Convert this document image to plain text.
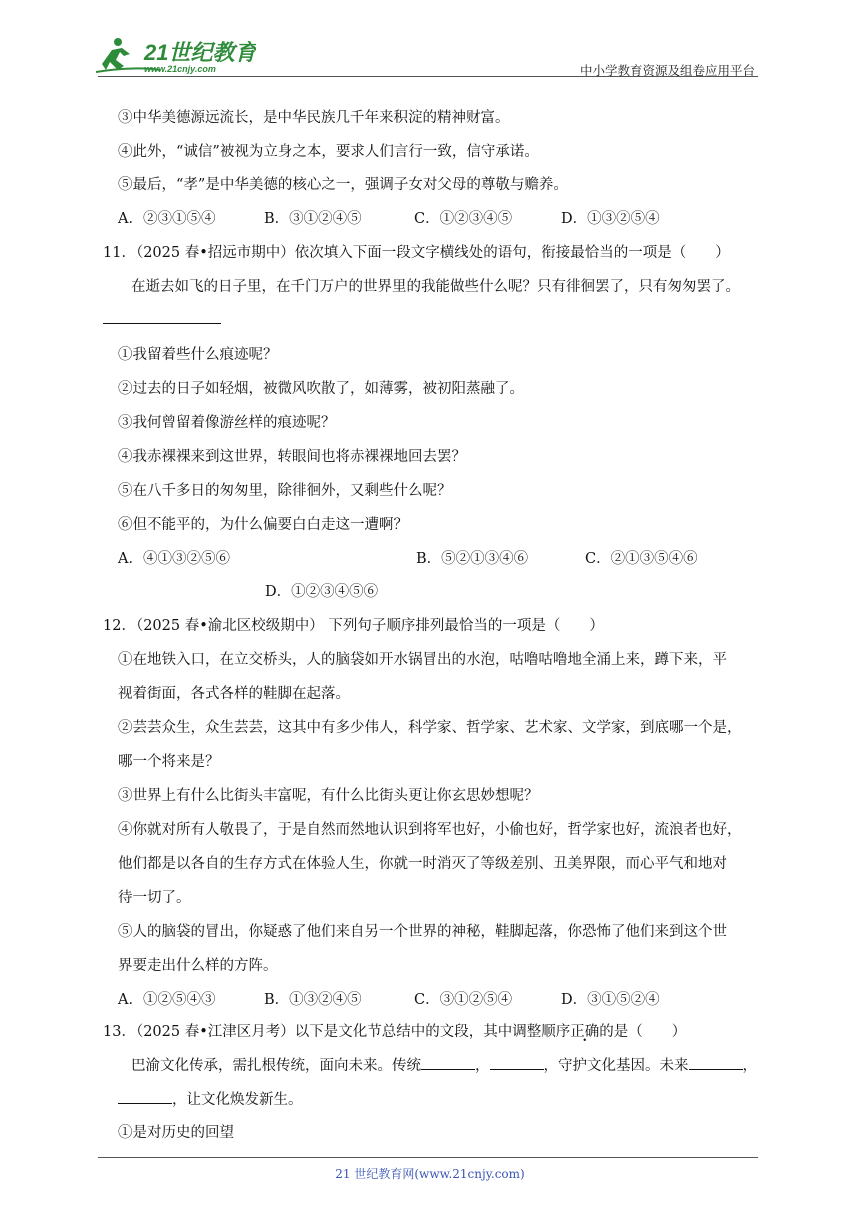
21世纪教育
www.21cnjy.com	中小学教育资源及组卷应用平台
③中华美德源远流长，是中华民族几千年来积淀的精神财富。
④此外，“诚信”被视为立身之本，要求人们言行一致，信守承诺。
⑤最后，“孝”是中华美德的核心之一，强调子女对父母的尊敬与赡养。
A．②③①⑤④	B．③①②④⑤	C．①②③④⑤	D．①③②⑤④
11．（2025 春•招远市期中）依次填入下面一段文字横线处的语句，衔接最恰当的一项是（　　）
在逝去如飞的日子里，在千门万户的世界里的我能做些什么呢？只有徘徊罢了，只有匆匆罢了。
①我留着些什么痕迹呢？
②过去的日子如轻烟，被微风吹散了，如薄雾，被初阳蒸融了。
③我何曾留着像游丝样的痕迹呢？
④我赤裸裸来到这世界，转眼间也将赤裸裸地回去罢？
⑤在八千多日的匆匆里，除徘徊外，又剩些什么呢？
⑥但不能平的，为什么偏要白白走这一遭啊？
A．④①③②⑤⑥	B．⑤②①③④⑥	C．②①③⑤④⑥
D．①②③④⑤⑥
12．（2025 春•渝北区校级期中） 下列句子顺序排列最恰当的一项是（　　）
①在地铁入口，在立交桥头，人的脑袋如开水锅冒出的水泡，咕噜咕噜地全涌上来，蹲下来，平
视着街面，各式各样的鞋脚在起落。
②芸芸众生，众生芸芸，这其中有多少伟人，科学家、哲学家、艺术家、文学家，到底哪一个是，
哪一个将来是？
③世界上有什么比街头丰富呢，有什么比街头更让你玄思妙想呢？
④你就对所有人敬畏了，于是自然而然地认识到将军也好，小偷也好，哲学家也好，流浪者也好，
他们都是以各自的生存方式在体验人生，你就一时消灭了等级差别、丑美界限，而心平气和地对
待一切了。
⑤人的脑袋的冒出，你疑惑了他们来自另一个世界的神秘，鞋脚起落，你恐怖了他们来到这个世
界要走出什么样的方阵。
A．①②⑤④③	B．①③②④⑤	C．③①②⑤④	D．③①⑤②④
13．（2025 春•江津区月考）以下是文化节总结中的文段，其中调整顺序正确的是（　　）
巴渝文化传承，需扎根传统，面向未来。传统	，	，守护文化基因。未来	，
，让文化焕发新生。
①是对历史的回望
21 世纪教育网(www.21cnjy.com)
